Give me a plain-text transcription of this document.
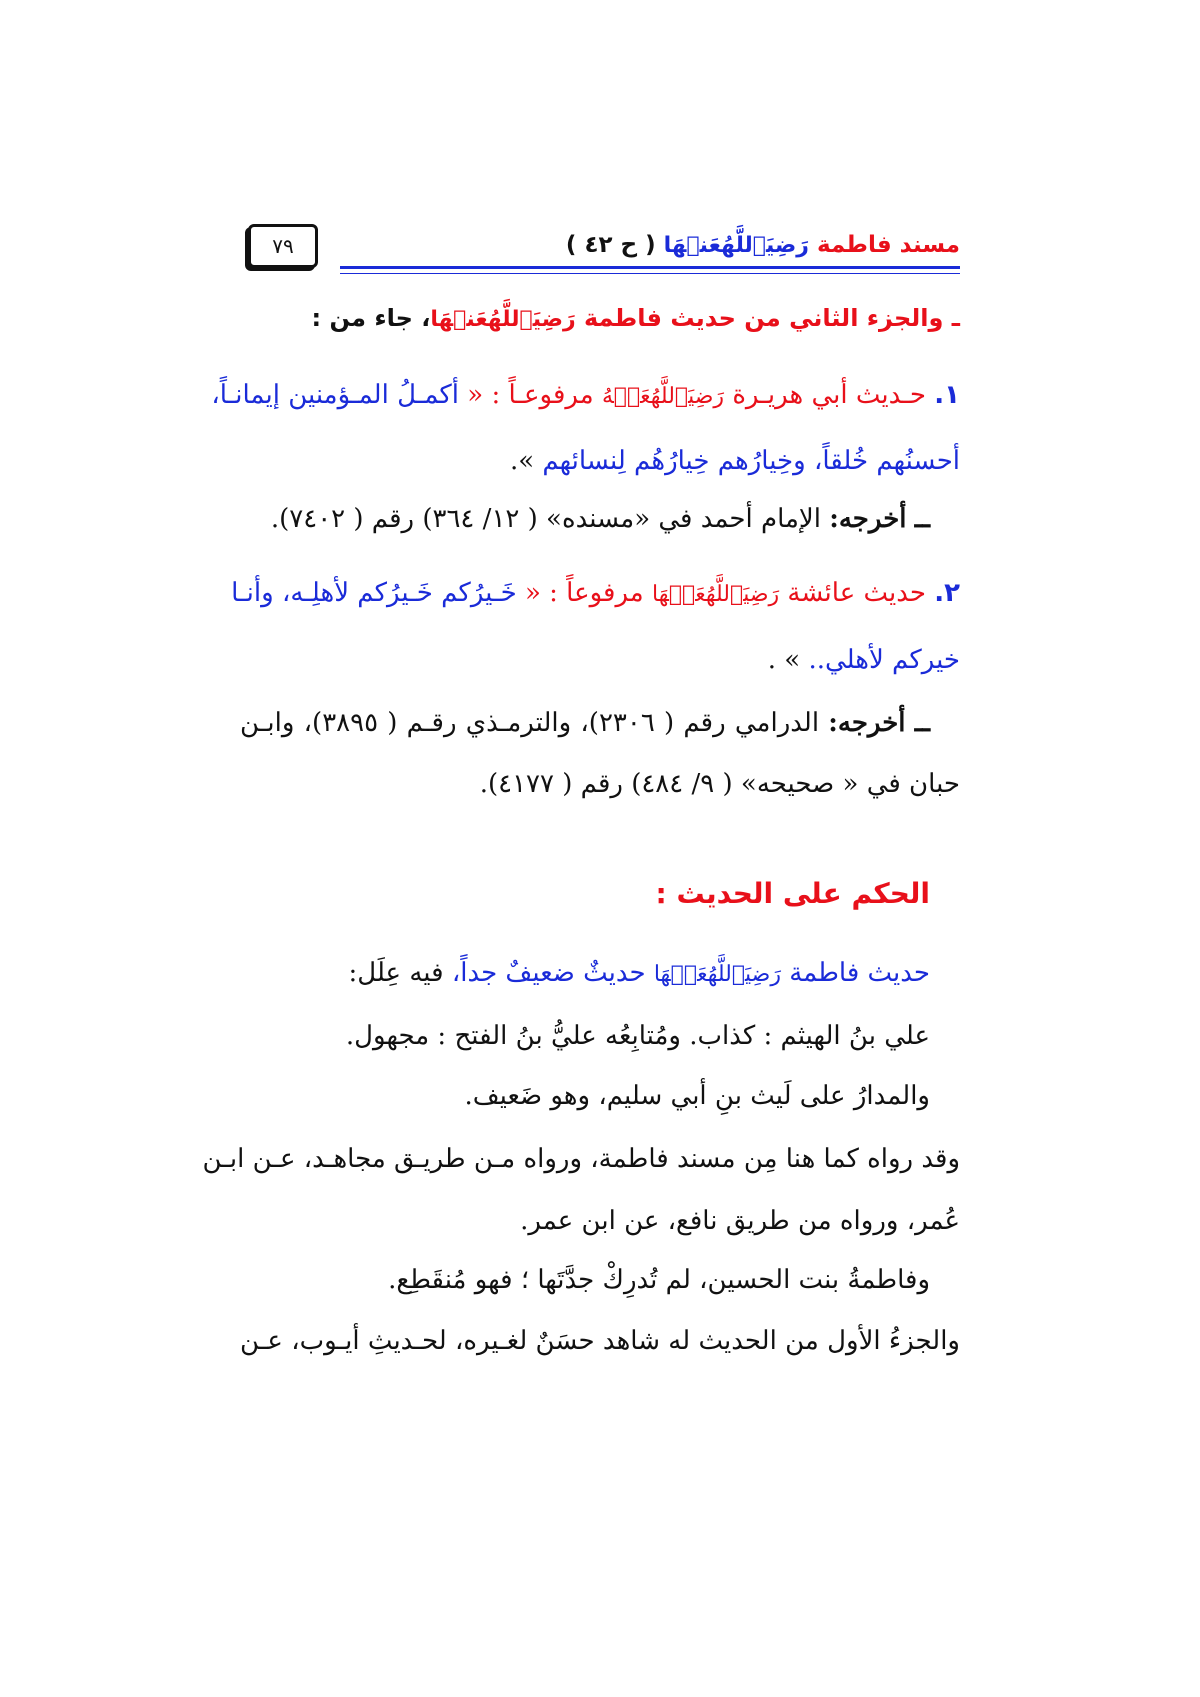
مسند فاطمة رَضِيَٱللَّهُعَنۡهَا ( ح ٤٢ )
٧٩
ـ والجزء الثاني من حديث فاطمة رَضِيَٱللَّهُعَنۡهَا، جاء من :
١. حـديث أبي هريـرة رَضِيَٱللَّهُعَنۡهُ مرفوعـاً : « أكمـلُ المـؤمنين إيمانـاً،
أحسنُهم خُلقاً، وخِيارُهم خِيارُهُم لِنسائهم ».
ــ أخرجه: الإمام أحمد في «مسنده» ( ١٢/ ٣٦٤) رقم ( ٧٤٠٢).
٢. حديث عائشة رَضِيَٱللَّهُعَنۡهَا مرفوعاً : « خَـيرُكم خَـيرُكم لأهلِـه، وأنـا
خيركم لأهلي.. » .
ــ أخرجه: الدرامي رقم ( ٢٣٠٦)، والترمـذي رقـم ( ٣٨٩٥)، وابـن
حبان في « صحيحه» ( ٩/ ٤٨٤) رقم ( ٤١٧٧).
الحكم على الحديث :
حديث فاطمة رَضِيَٱللَّهُعَنۡهَا حديثٌ ضعيفٌ جداً، فيه عِلَل:
علي بنُ الهيثم : كذاب. ومُتابِعُه عليُّ بنُ الفتح : مجهول.
والمدارُ على لَيث بنِ أبي سليم، وهو ضَعيف.
وقد رواه كما هنا مِن مسند فاطمة، ورواه مـن طريـق مجاهـد، عـن ابـن
عُمر، ورواه من طريق نافع، عن ابن عمر.
وفاطمةُ بنت الحسين، لم تُدرِكْ جدَّتَها ؛ فهو مُنقَطِع.
والجزءُ الأول من الحديث له شاهد حسَنٌ لغـيره، لحـديثِ أيـوب، عـن
